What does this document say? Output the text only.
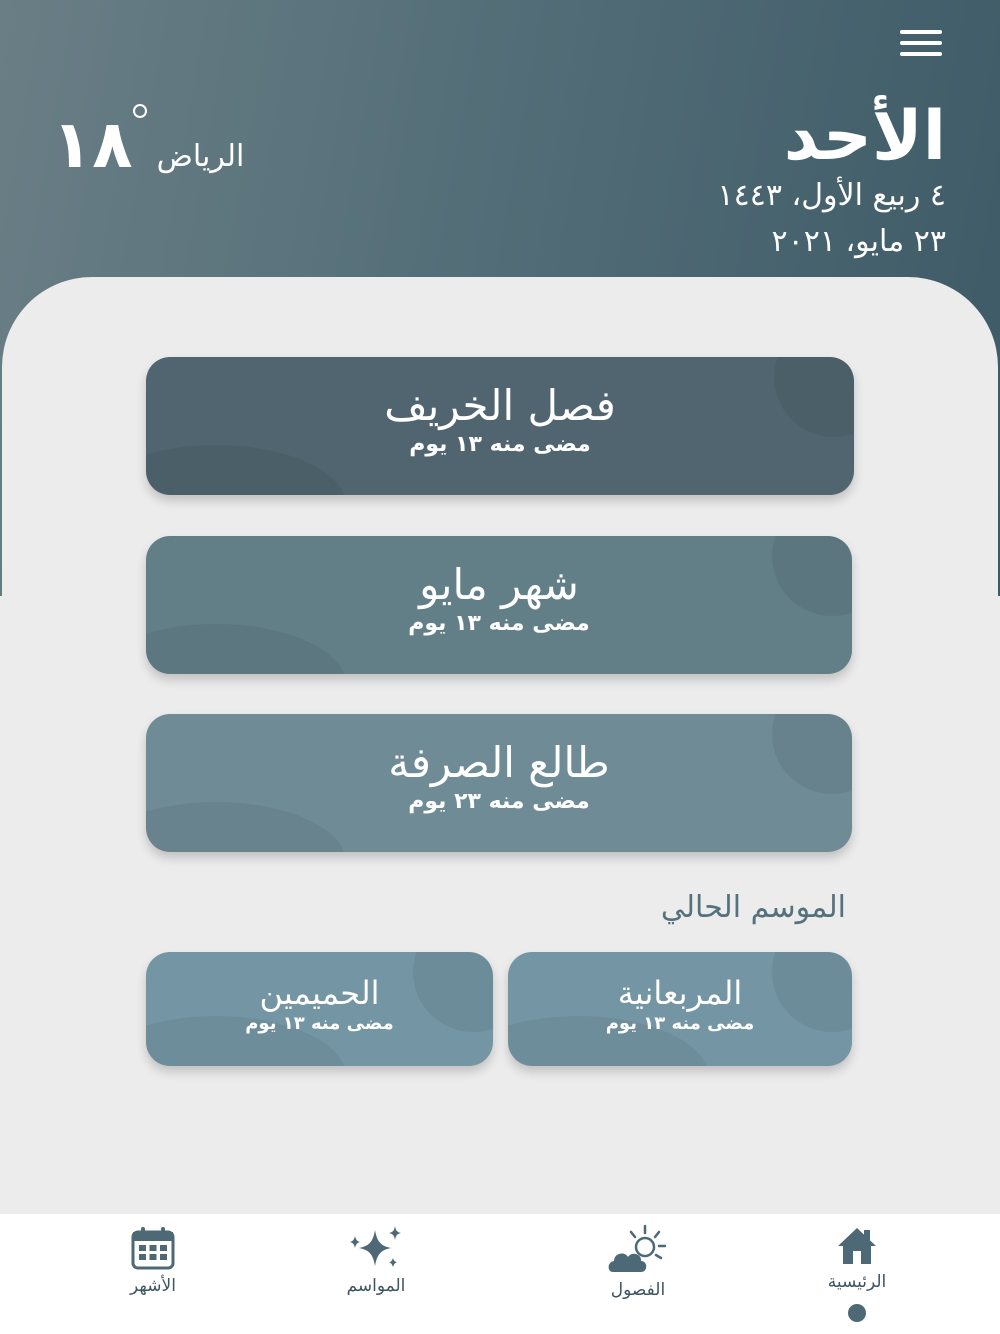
الأحد
٤ ربيع الأول، ١٤٤٣
٢٣ مايو، ٢٠٢١
١٨ الرياض
فصل الخريف
مضى منه ١٣ يوم
شهر مايو
مضى منه ١٣ يوم
طالع الصرفة
مضى منه ٢٣ يوم
الموسم الحالي
المربعانية
مضى منه ١٣ يوم
الحميمين
مضى منه ١٣ يوم
الرئيسية
الفصول
المواسم
الأشهر
